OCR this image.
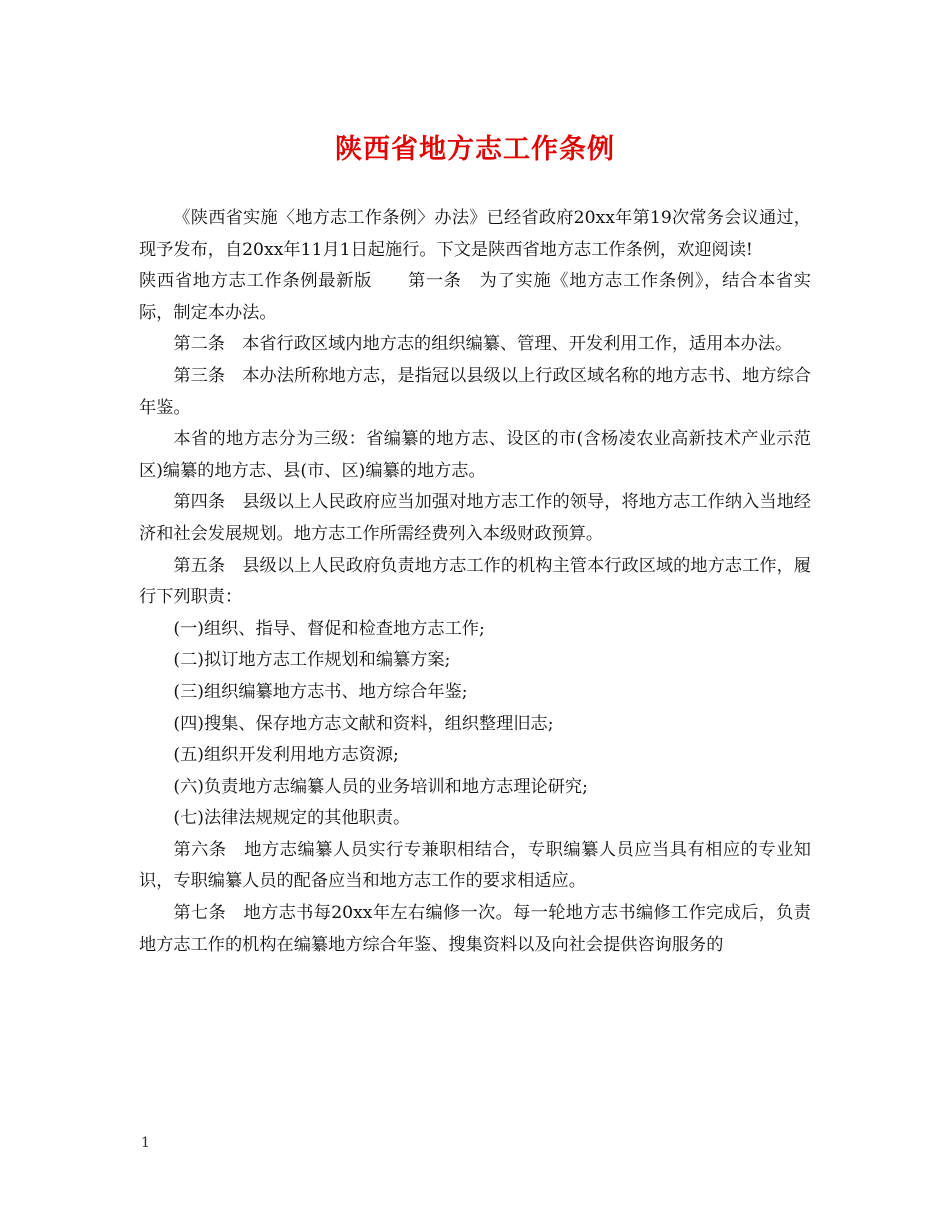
陕西省地方志工作条例

《陕西省实施〈地方志工作条例〉办法》已经省政府20xx年第19次常务会议通过，现予发布，自20xx年11月1日起施行。下文是陕西省地方志工作条例，欢迎阅读!

陕西省地方志工作条例最新版　　第一条　为了实施《地方志工作条例》，结合本省实际，制定本办法。

第二条　本省行政区域内地方志的组织编纂、管理、开发利用工作，适用本办法。

第三条　本办法所称地方志，是指冠以县级以上行政区域名称的地方志书、地方综合年鉴。

本省的地方志分为三级：省编纂的地方志、设区的市(含杨凌农业高新技术产业示范区)编纂的地方志、县(市、区)编纂的地方志。

第四条　县级以上人民政府应当加强对地方志工作的领导，将地方志工作纳入当地经济和社会发展规划。地方志工作所需经费列入本级财政预算。

第五条　县级以上人民政府负责地方志工作的机构主管本行政区域的地方志工作，履行下列职责：

(一)组织、指导、督促和检查地方志工作;

(二)拟订地方志工作规划和编纂方案;

(三)组织编纂地方志书、地方综合年鉴;

(四)搜集、保存地方志文献和资料，组织整理旧志;

(五)组织开发利用地方志资源;

(六)负责地方志编纂人员的业务培训和地方志理论研究;

(七)法律法规规定的其他职责。

第六条　地方志编纂人员实行专兼职相结合，专职编纂人员应当具有相应的专业知识，专职编纂人员的配备应当和地方志工作的要求相适应。

第七条　地方志书每20xx年左右编修一次。每一轮地方志书编修工作完成后，负责地方志工作的机构在编纂地方综合年鉴、搜集资料以及向社会提供咨询服务的

1
